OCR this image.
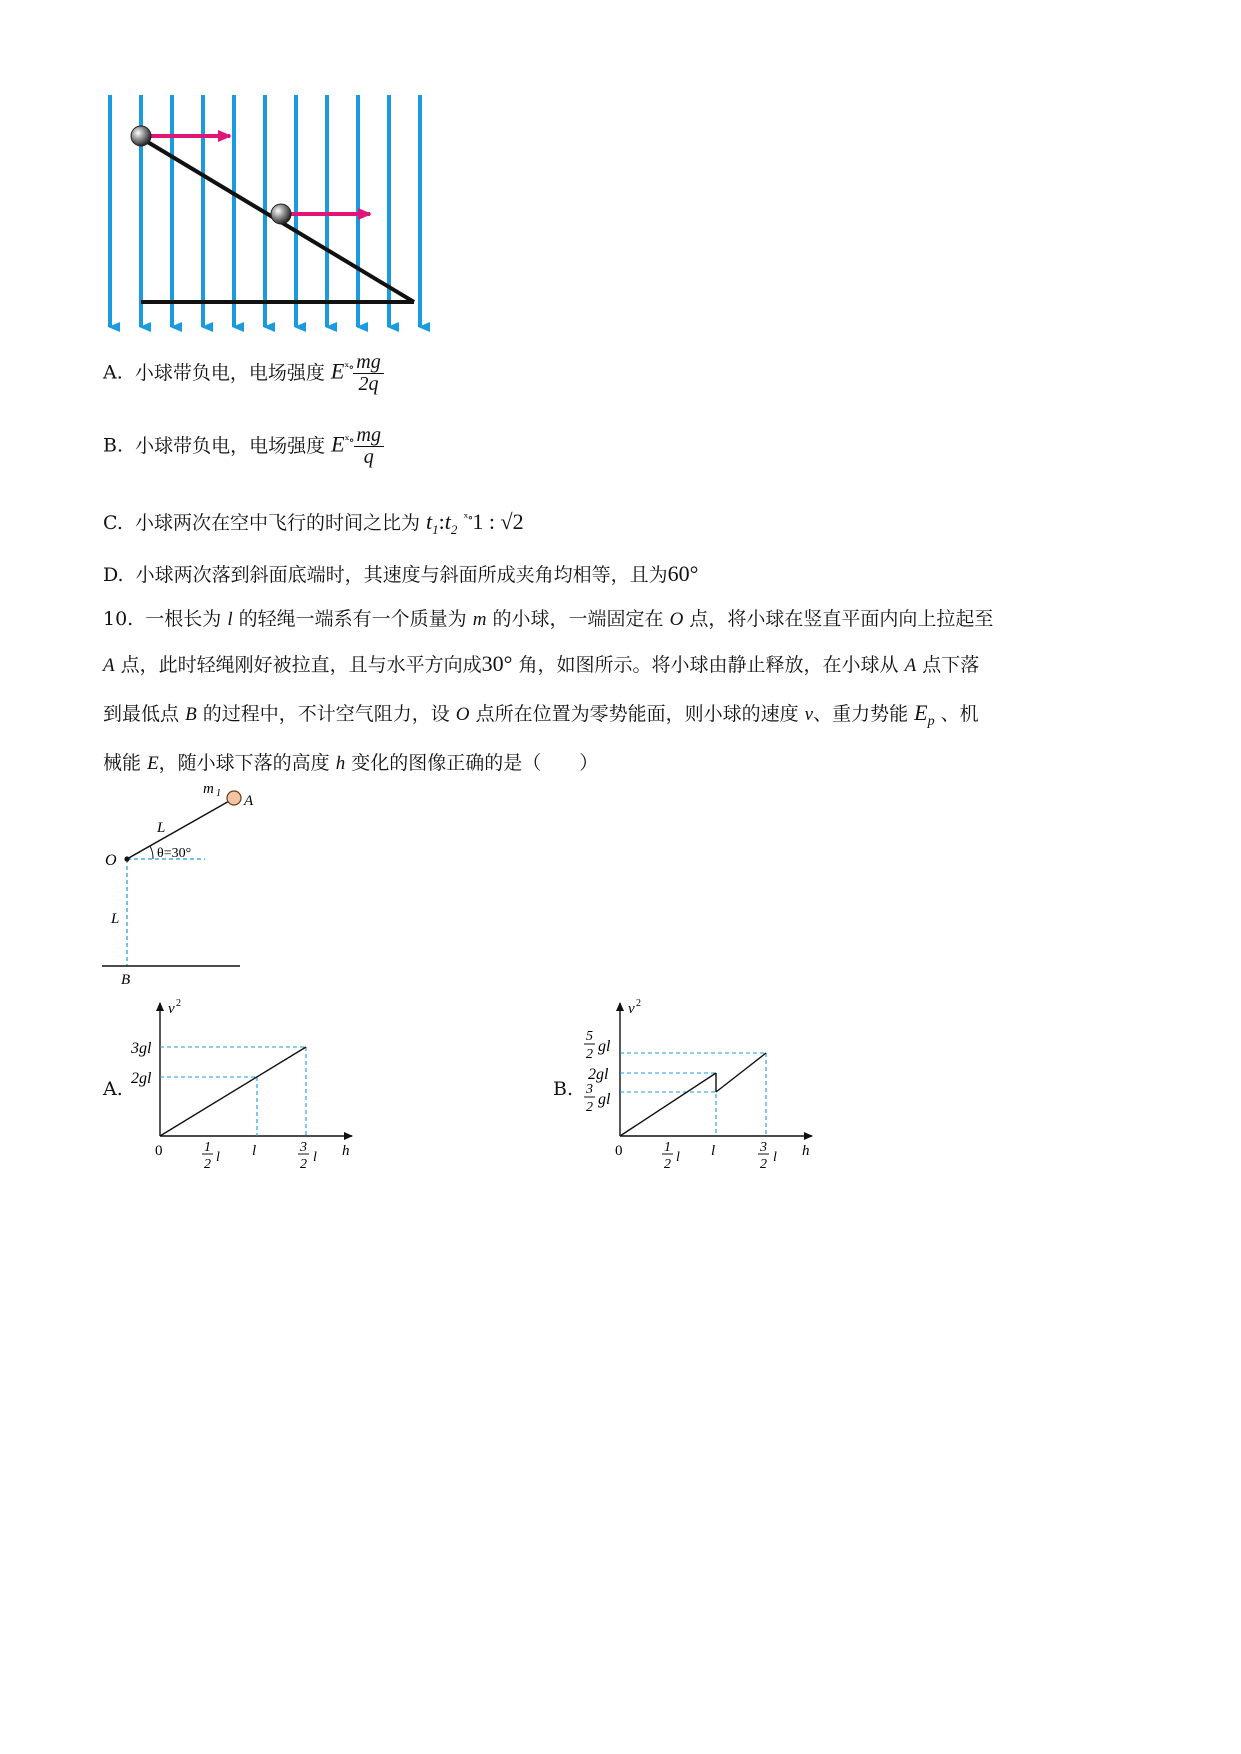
A. 小球带负电，电场强度 $E^{ˣ\circ} \frac{mg}{2q}$
B. 小球带负电，电场强度 $E^{ˣ\circ} \frac{mg}{q}$
C. 小球两次在空中飞行的时间之比为 $t_1:t_2$ $^{ˣ\circ}$1 : √2
D. 小球两次落到斜面底端时，其速度与斜面所成夹角均相等，且为60°
10. 一根长为 l 的轻绳一端系有一个质量为 m 的小球，一端固定在 O 点，将小球在竖直平面内向上拉起至
A 点，此时轻绳刚好被拉直，且与水平方向成30° 角，如图所示。将小球由静止释放，在小球从 A 点下落
到最低点 B 的过程中，不计空气阻力，设 O 点所在位置为零势能面，则小球的速度 v、重力势能 $E_p$ 、机
械能 E，随小球下落的高度 h 变化的图像正确的是（　　）
m 1 A
L
θ=30°
O
L
B
A.
v 2
3gl
2gl
0	1
2 l l	3
2 l h
B.
v 2
5
2 gl
2gl
3
2 gl
0	1
2 l l	3
2 l h
